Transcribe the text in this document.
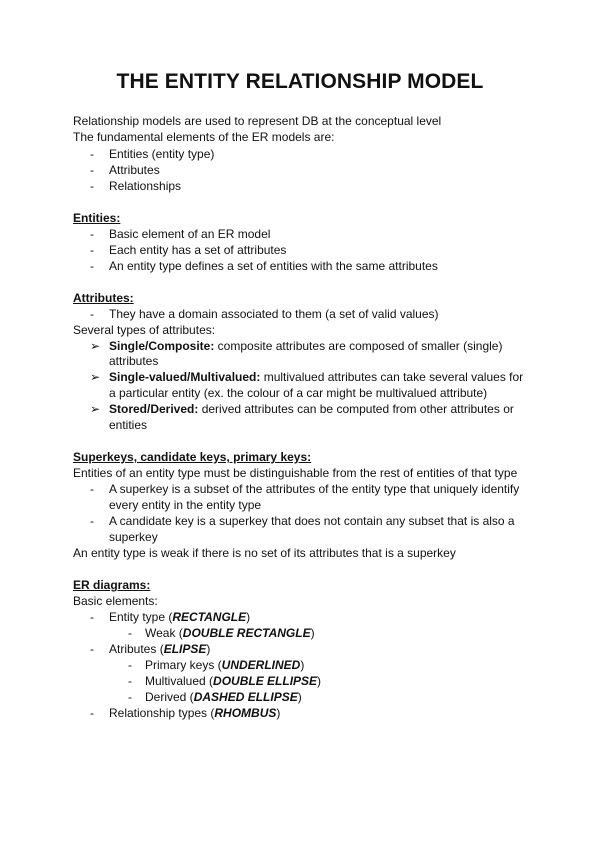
THE ENTITY RELATIONSHIP MODEL
Relationship models are used to represent DB at the conceptual level
The fundamental elements of the ER models are:
- Entities (entity type)
- Attributes
- Relationships
Entities:
- Basic element of an ER model
- Each entity has a set of attributes
- An entity type defines a set of entities with the same attributes
Attributes:
- They have a domain associated to them (a set of valid values)
Several types of attributes:
➢ Single/Composite: composite attributes are composed of smaller (single)
attributes
➢ Single-valued/Multivalued: multivalued attributes can take several values for
a particular entity (ex. the colour of a car might be multivalued attribute)
➢ Stored/Derived: derived attributes can be computed from other attributes or
entities
Superkeys, candidate keys, primary keys:
Entities of an entity type must be distinguishable from the rest of entities of that type
- A superkey is a subset of the attributes of the entity type that uniquely identify
every entity in the entity type
- A candidate key is a superkey that does not contain any subset that is also a
superkey
An entity type is weak if there is no set of its attributes that is a superkey
ER diagrams:
Basic elements:
- Entity type (RECTANGLE)
- Weak (DOUBLE RECTANGLE)
- Atributes (ELIPSE)
- Primary keys (UNDERLINED)
- Multivalued (DOUBLE ELLIPSE)
- Derived (DASHED ELLIPSE)
- Relationship types (RHOMBUS)
